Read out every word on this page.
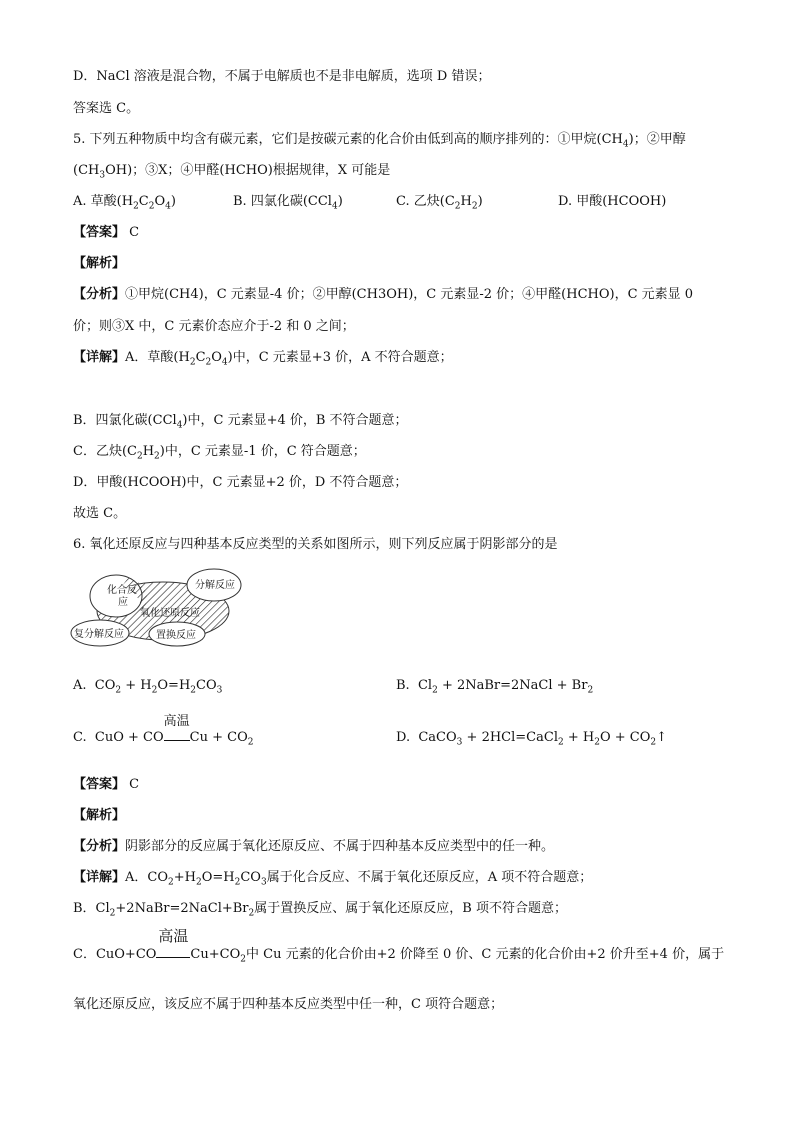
D．NaCl 溶液是混合物，不属于电解质也不是非电解质，选项 D 错误；
答案选 C。
5. 下列五种物质中均含有碳元素，它们是按碳元素的化合价由低到高的顺序排列的：①甲烷$(CH_4)$；②甲醇
$(CH_3OH)$；③X；④甲醛(HCHO)根据规律，X 可能是
A. 草酸$(H_2C_2O_4)$	B. 四氯化碳(CCl$_4$)	C. 乙炔$(C_2H_2)$	D. 甲酸(HCOOH)
【答案】 C
【解析】
【分析】①甲烷(CH4)，C 元素显-4 价；②甲醇(CH3OH)，C 元素显-2 价；④甲醛(HCHO)，C 元素显 0
价；则③X 中，C 元素价态应介于-2 和 0 之间；
【详解】A．草酸$(H_2C_2O_4)$中，C 元素显+3 价，A 不符合题意；
B．四氯化碳(CCl$_4$)中，C 元素显+4 价，B 不符合题意；
C．乙炔$(C_2H_2)$中，C 元素显-1 价，C 符合题意；
D．甲酸(HCOOH)中，C 元素显+2 价，D 不符合题意；
故选 C。
6. 氧化还原反应与四种基本反应类型的关系如图所示，则下列反应属于阴影部分的是
化合反
应
分解反应
氧化还原反应
复分解反应	置换反应
A. $CO_2 + H_2O=H_2CO_3$	B. $Cl_2$ + 2NaBr=2NaCl + $Br_2$
C. CuO + CO
高温
$Cu + CO_2$	D. CaCO$_3$ + 2HCl=CaCl$_2$ + $H_2O$ + $CO_2↑$
【答案】 C
【解析】
【分析】阴影部分的反应属于氧化还原反应、不属于四种基本反应类型中的任一种。
【详解】A．$CO_2+H_2O=H_2CO_3$属于化合反应、不属于氧化还原反应，A 项不符合题意；
B．$Cl_2+2NaBr=2NaCl+Br_2$属于置换反应、属于氧化还原反应，B 项不符合题意；
C．CuO+CO
高温
$Cu+CO_2$中 Cu 元素的化合价由+2 价降至 0 价、C 元素的化合价由+2 价升至+4 价，属于
氧化还原反应，该反应不属于四种基本反应类型中任一种，C 项符合题意；
